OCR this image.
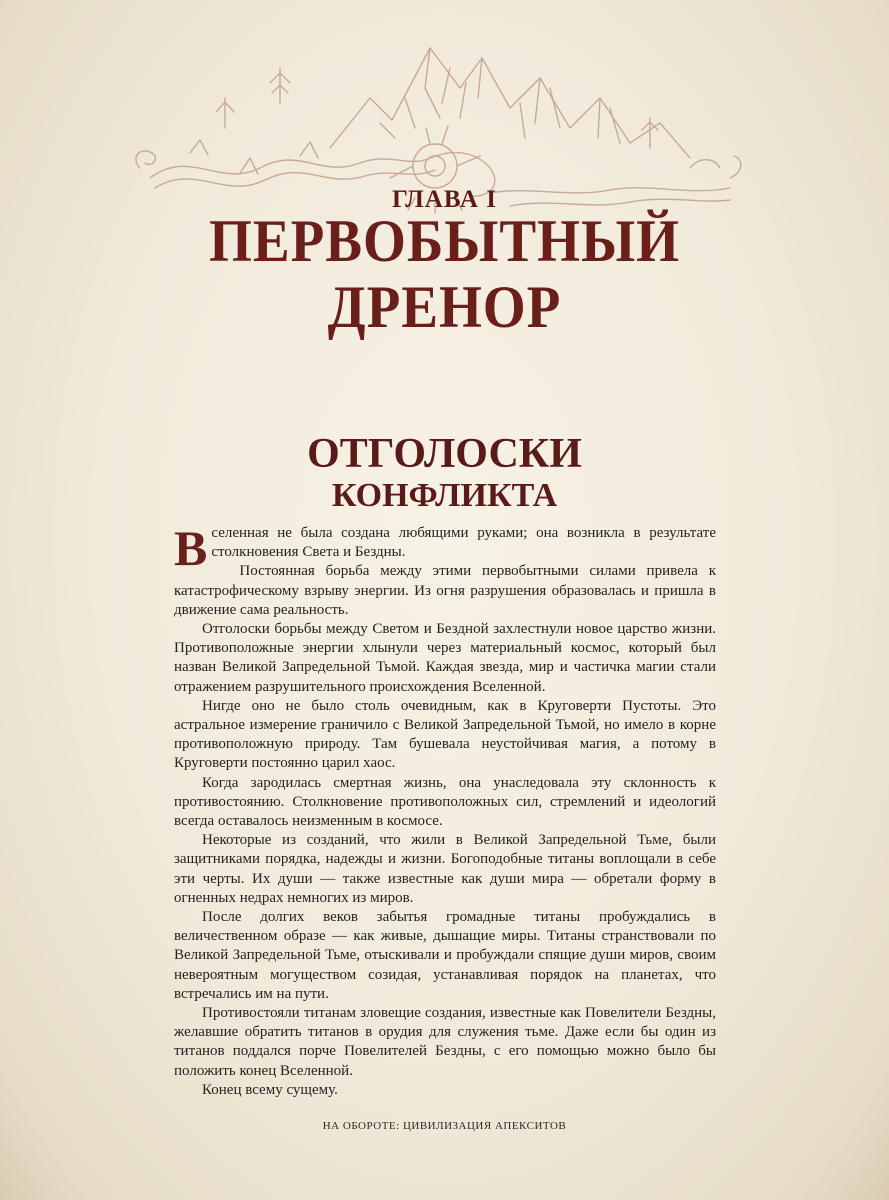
ГЛАВА I
ПЕРВОБЫТНЫЙ
ДРЕНОР
ОТГОЛОСКИ
КОНФЛИКТА

Вселенная не была создана любящими руками; она возникла в результате столкновения Света и Бездны.

Постоянная борьба между этими первобытными силами привела к катастрофическому взрыву энергии. Из огня разрушения образовалась и пришла в движение сама реальность.

Отголоски борьбы между Светом и Бездной захлестнули новое царство жизни. Противоположные энергии хлынули через материальный космос, который был назван Великой Запредельной Тьмой. Каждая звезда, мир и частичка магии стали отражением разрушительного происхождения Вселенной.

Нигде оно не было столь очевидным, как в Круговерти Пустоты. Это астральное измерение граничило с Великой Запредельной Тьмой, но имело в корне противоположную природу. Там бушевала неустойчивая магия, а потому в Круговерти постоянно царил хаос.

Когда зародилась смертная жизнь, она унаследовала эту склонность к противостоянию. Столкновение противоположных сил, стремлений и идеологий всегда оставалось неизменным в космосе.

Некоторые из созданий, что жили в Великой Запредельной Тьме, были защитниками порядка, надежды и жизни. Богоподобные титаны воплощали в себе эти черты. Их души — также известные как души мира — обретали форму в огненных недрах немногих из миров.

После долгих веков забытья громадные титаны пробуждались в величественном образе — как живые, дышащие миры. Титаны странствовали по Великой Запредельной Тьме, отыскивали и пробуждали спящие души миров, своим невероятным могуществом созидая, устанавливая порядок на планетах, что встречались им на пути.

Противостояли титанам зловещие создания, известные как Повелители Бездны, желавшие обратить титанов в орудия для служения тьме. Даже если бы один из титанов поддался порче Повелителей Бездны, с его помощью можно было бы положить конец Вселенной.

Конец всему сущему.

НА ОБОРОТЕ: ЦИВИЛИЗАЦИЯ АПЕКСИТОВ
